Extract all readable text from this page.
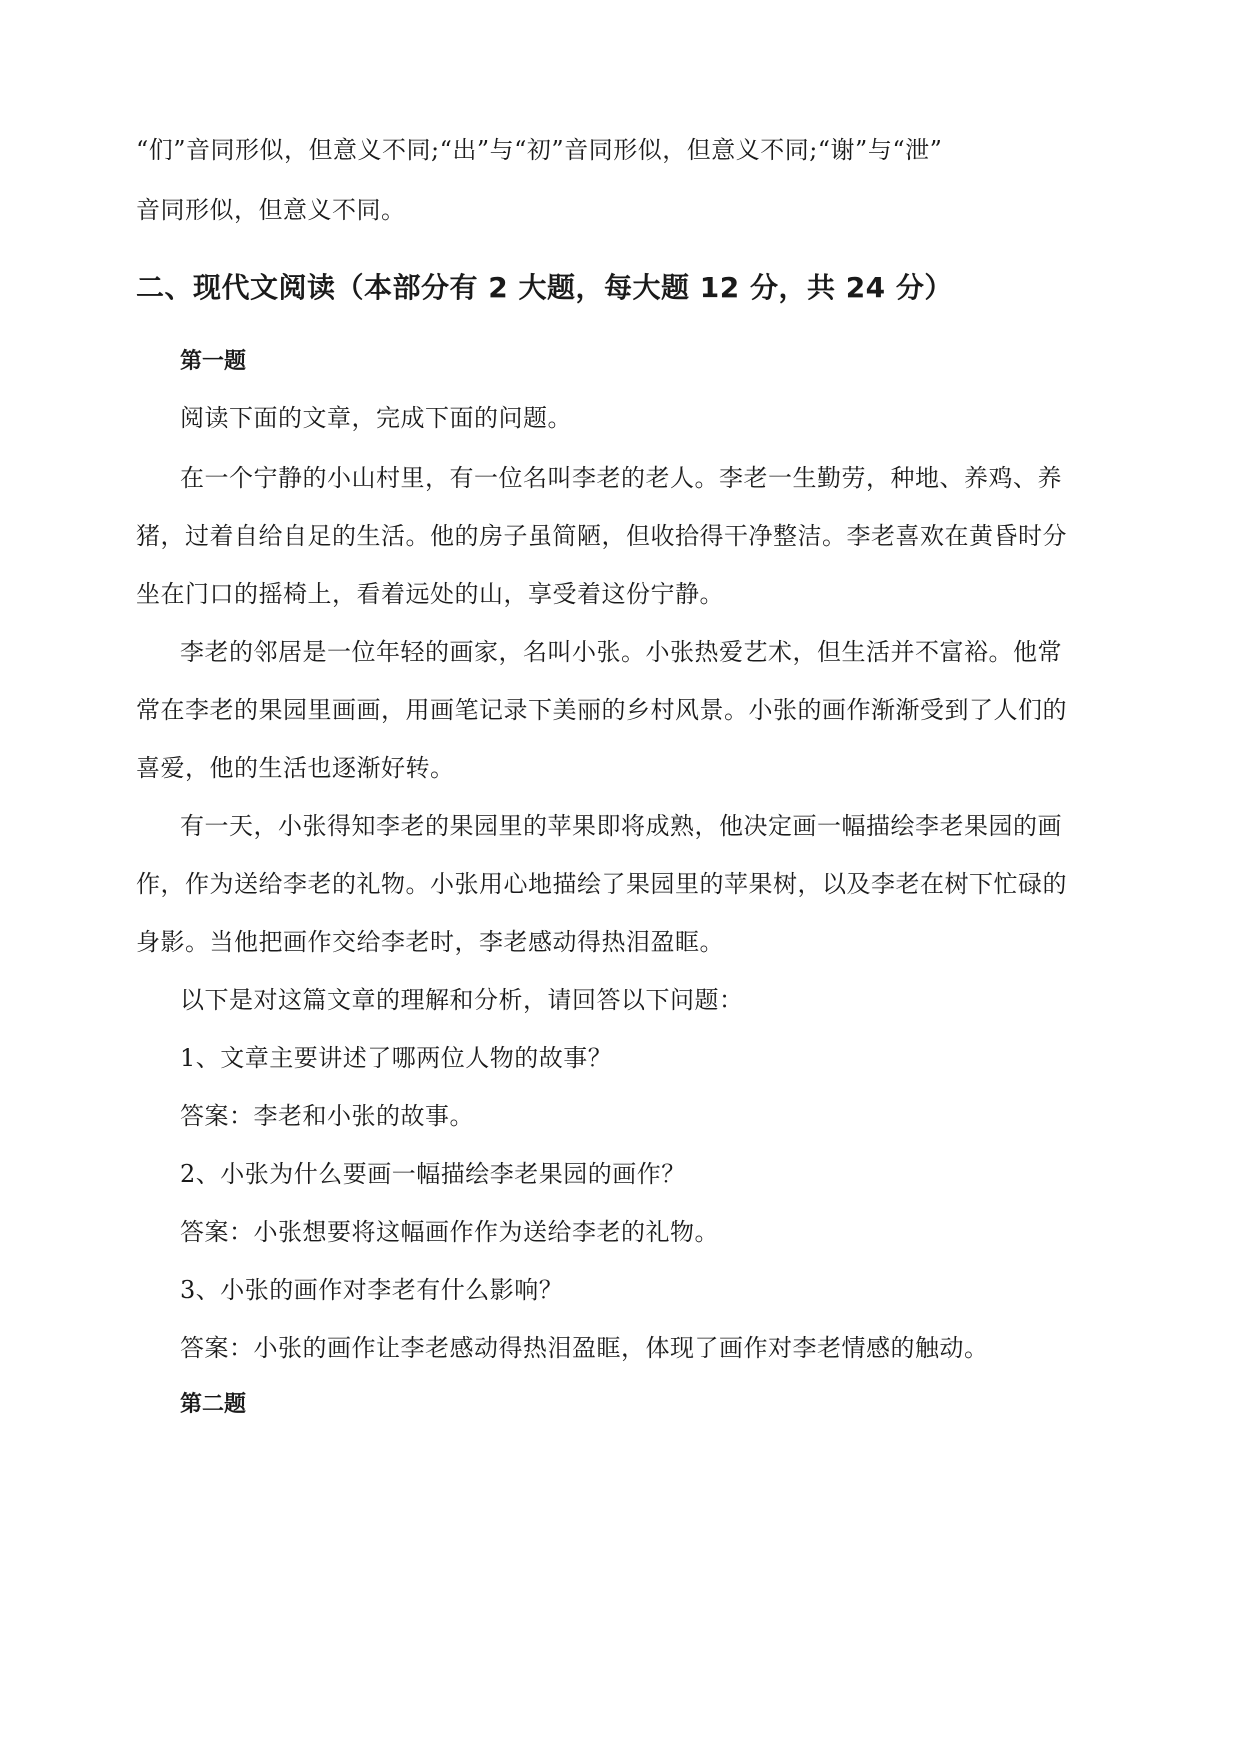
“们”音同形似，但意义不同;“出”与“初”音同形似，但意义不同;“谢”与“泄”
音同形似，但意义不同。
二、现代文阅读（本部分有 2 大题，每大题 12 分，共 24 分）
第一题
阅读下面的文章，完成下面的问题。
在一个宁静的小山村里，有一位名叫李老的老人。李老一生勤劳，种地、养鸡、养
猪，过着自给自足的生活。他的房子虽简陋，但收拾得干净整洁。李老喜欢在黄昏时分
坐在门口的摇椅上，看着远处的山，享受着这份宁静。
李老的邻居是一位年轻的画家，名叫小张。小张热爱艺术，但生活并不富裕。他常
常在李老的果园里画画，用画笔记录下美丽的乡村风景。小张的画作渐渐受到了人们的
喜爱，他的生活也逐渐好转。
有一天，小张得知李老的果园里的苹果即将成熟，他决定画一幅描绘李老果园的画
作，作为送给李老的礼物。小张用心地描绘了果园里的苹果树，以及李老在树下忙碌的
身影。当他把画作交给李老时，李老感动得热泪盈眶。
以下是对这篇文章的理解和分析，请回答以下问题：
1、文章主要讲述了哪两位人物的故事？
答案：李老和小张的故事。
2、小张为什么要画一幅描绘李老果园的画作？
答案：小张想要将这幅画作作为送给李老的礼物。
3、小张的画作对李老有什么影响？
答案：小张的画作让李老感动得热泪盈眶，体现了画作对李老情感的触动。
第二题
